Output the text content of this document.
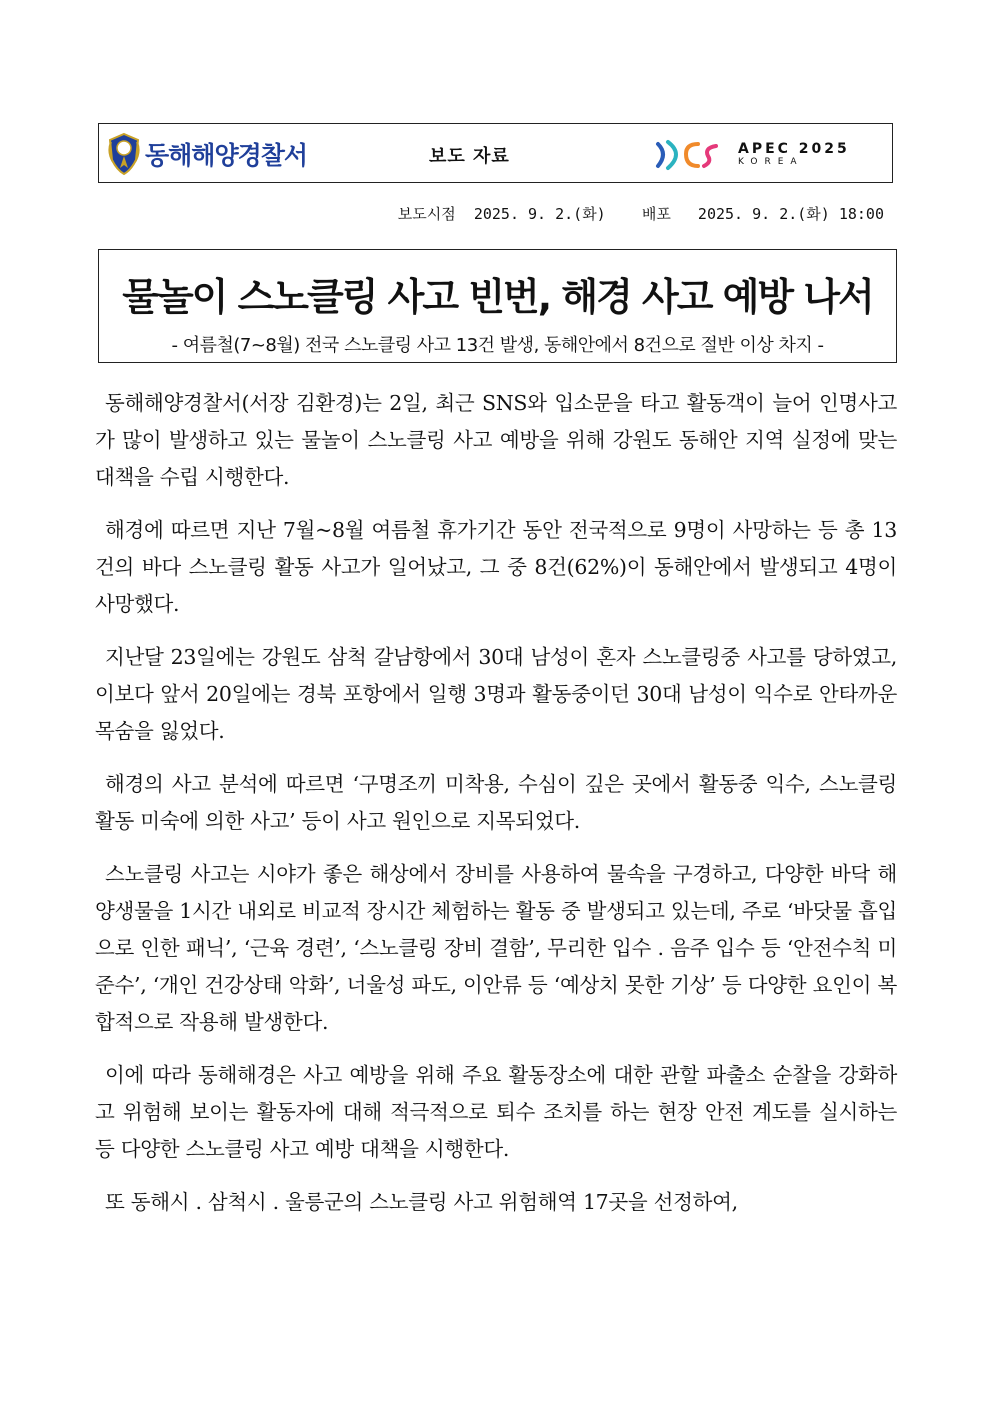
동해해양경찰서	보도 자료	APEC 2025
KOREA
보도시점 2025. 9. 2.(화) 배포 2025. 9. 2.(화) 18:00
물놀이 스노클링 사고 빈번, 해경 사고 예방 나서
- 여름철(7~8월) 전국 스노클링 사고 13건 발생, 동해안에서 8건으로 절반 이상 차지 -

동해해양경찰서(서장 김환경)는 2일, 최근 SNS와 입소문을 타고 활동객이 늘어 인명사고가 많이 발생하고 있는 물놀이 스노클링 사고 예방을 위해 강원도 동해안 지역 실정에 맞는 대책을 수립 시행한다.

해경에 따르면 지난 7월~8월 여름철 휴가기간 동안 전국적으로 9명이 사망하는 등 총 13건의 바다 스노클링 활동 사고가 일어났고, 그 중 8건(62%)이 동해안에서 발생되고 4명이 사망했다.

지난달 23일에는 강원도 삼척 갈남항에서 30대 남성이 혼자 스노클링중 사고를 당하였고, 이보다 앞서 20일에는 경북 포항에서 일행 3명과 활동중이던 30대 남성이 익수로 안타까운 목숨을 잃었다.

해경의 사고 분석에 따르면 ‘구명조끼 미착용, 수심이 깊은 곳에서 활동중 익수, 스노클링 활동 미숙에 의한 사고’ 등이 사고 원인으로 지목되었다.

스노클링 사고는 시야가 좋은 해상에서 장비를 사용하여 물속을 구경하고, 다양한 바닥 해양생물을 1시간 내외로 비교적 장시간 체험하는 활동 중 발생되고 있는데, 주로 ‘바닷물 흡입으로 인한 패닉’, ‘근육 경련’, ‘스노클링 장비 결함’, 무리한 입수 . 음주 입수 등 ‘안전수칙 미준수’, ‘개인 건강상태 악화’, 너울성 파도, 이안류 등 ‘예상치 못한 기상’ 등 다양한 요인이 복합적으로 작용해 발생한다.

이에 따라 동해해경은 사고 예방을 위해 주요 활동장소에 대한 관할 파출소 순찰을 강화하고 위험해 보이는 활동자에 대해 적극적으로 퇴수 조치를 하는 현장 안전 계도를 실시하는 등 다양한 스노클링 사고 예방 대책을 시행한다.

또 동해시 . 삼척시 . 울릉군의 스노클링 사고 위험해역 17곳을 선정하여,
